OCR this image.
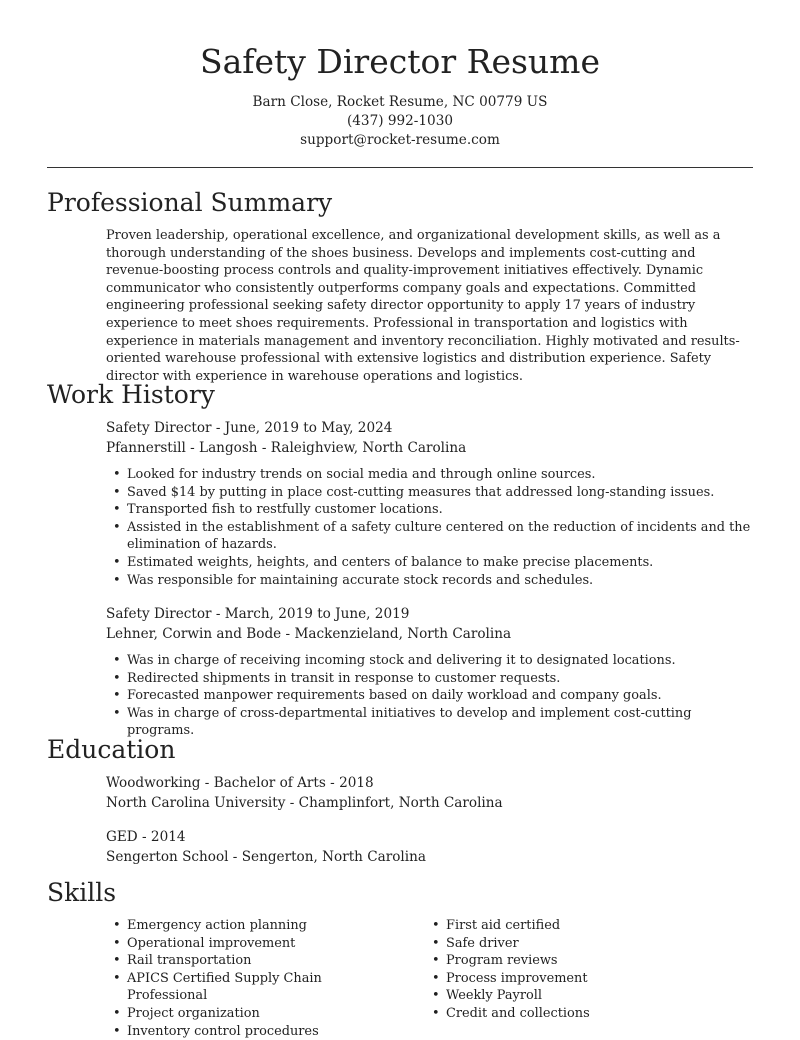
Safety Director Resume
Barn Close, Rocket Resume, NC 00779 US
(437) 992-1030
support@rocket-resume.com
Professional Summary
Proven leadership, operational excellence, and organizational development skills, as well as a thorough understanding of the shoes business. Develops and implements cost-cutting and revenue-boosting process controls and quality-improvement initiatives effectively. Dynamic communicator who consistently outperforms company goals and expectations. Committed engineering professional seeking safety director opportunity to apply 17 years of industry experience to meet shoes requirements. Professional in transportation and logistics with experience in materials management and inventory reconciliation. Highly motivated and results-oriented warehouse professional with extensive logistics and distribution experience. Safety director with experience in warehouse operations and logistics.
Work History
Safety Director - June, 2019 to May, 2024
Pfannerstill - Langosh - Raleighview, North Carolina
• Looked for industry trends on social media and through online sources.
• Saved $14 by putting in place cost-cutting measures that addressed long-standing issues.
• Transported fish to restfully customer locations.
• Assisted in the establishment of a safety culture centered on the reduction of incidents and the elimination of hazards.
• Estimated weights, heights, and centers of balance to make precise placements.
• Was responsible for maintaining accurate stock records and schedules.
Safety Director - March, 2019 to June, 2019
Lehner, Corwin and Bode - Mackenzieland, North Carolina
• Was in charge of receiving incoming stock and delivering it to designated locations.
• Redirected shipments in transit in response to customer requests.
• Forecasted manpower requirements based on daily workload and company goals.
• Was in charge of cross-departmental initiatives to develop and implement cost-cutting programs.
Education
Woodworking - Bachelor of Arts - 2018
North Carolina University - Champlinfort, North Carolina
GED - 2014
Sengerton School - Sengerton, North Carolina
Skills
• Emergency action planning
• Operational improvement
• Rail transportation
• APICS Certified Supply Chain Professional
• Project organization
• Inventory control procedures
• First aid certified
• Safe driver
• Program reviews
• Process improvement
• Weekly Payroll
• Credit and collections
